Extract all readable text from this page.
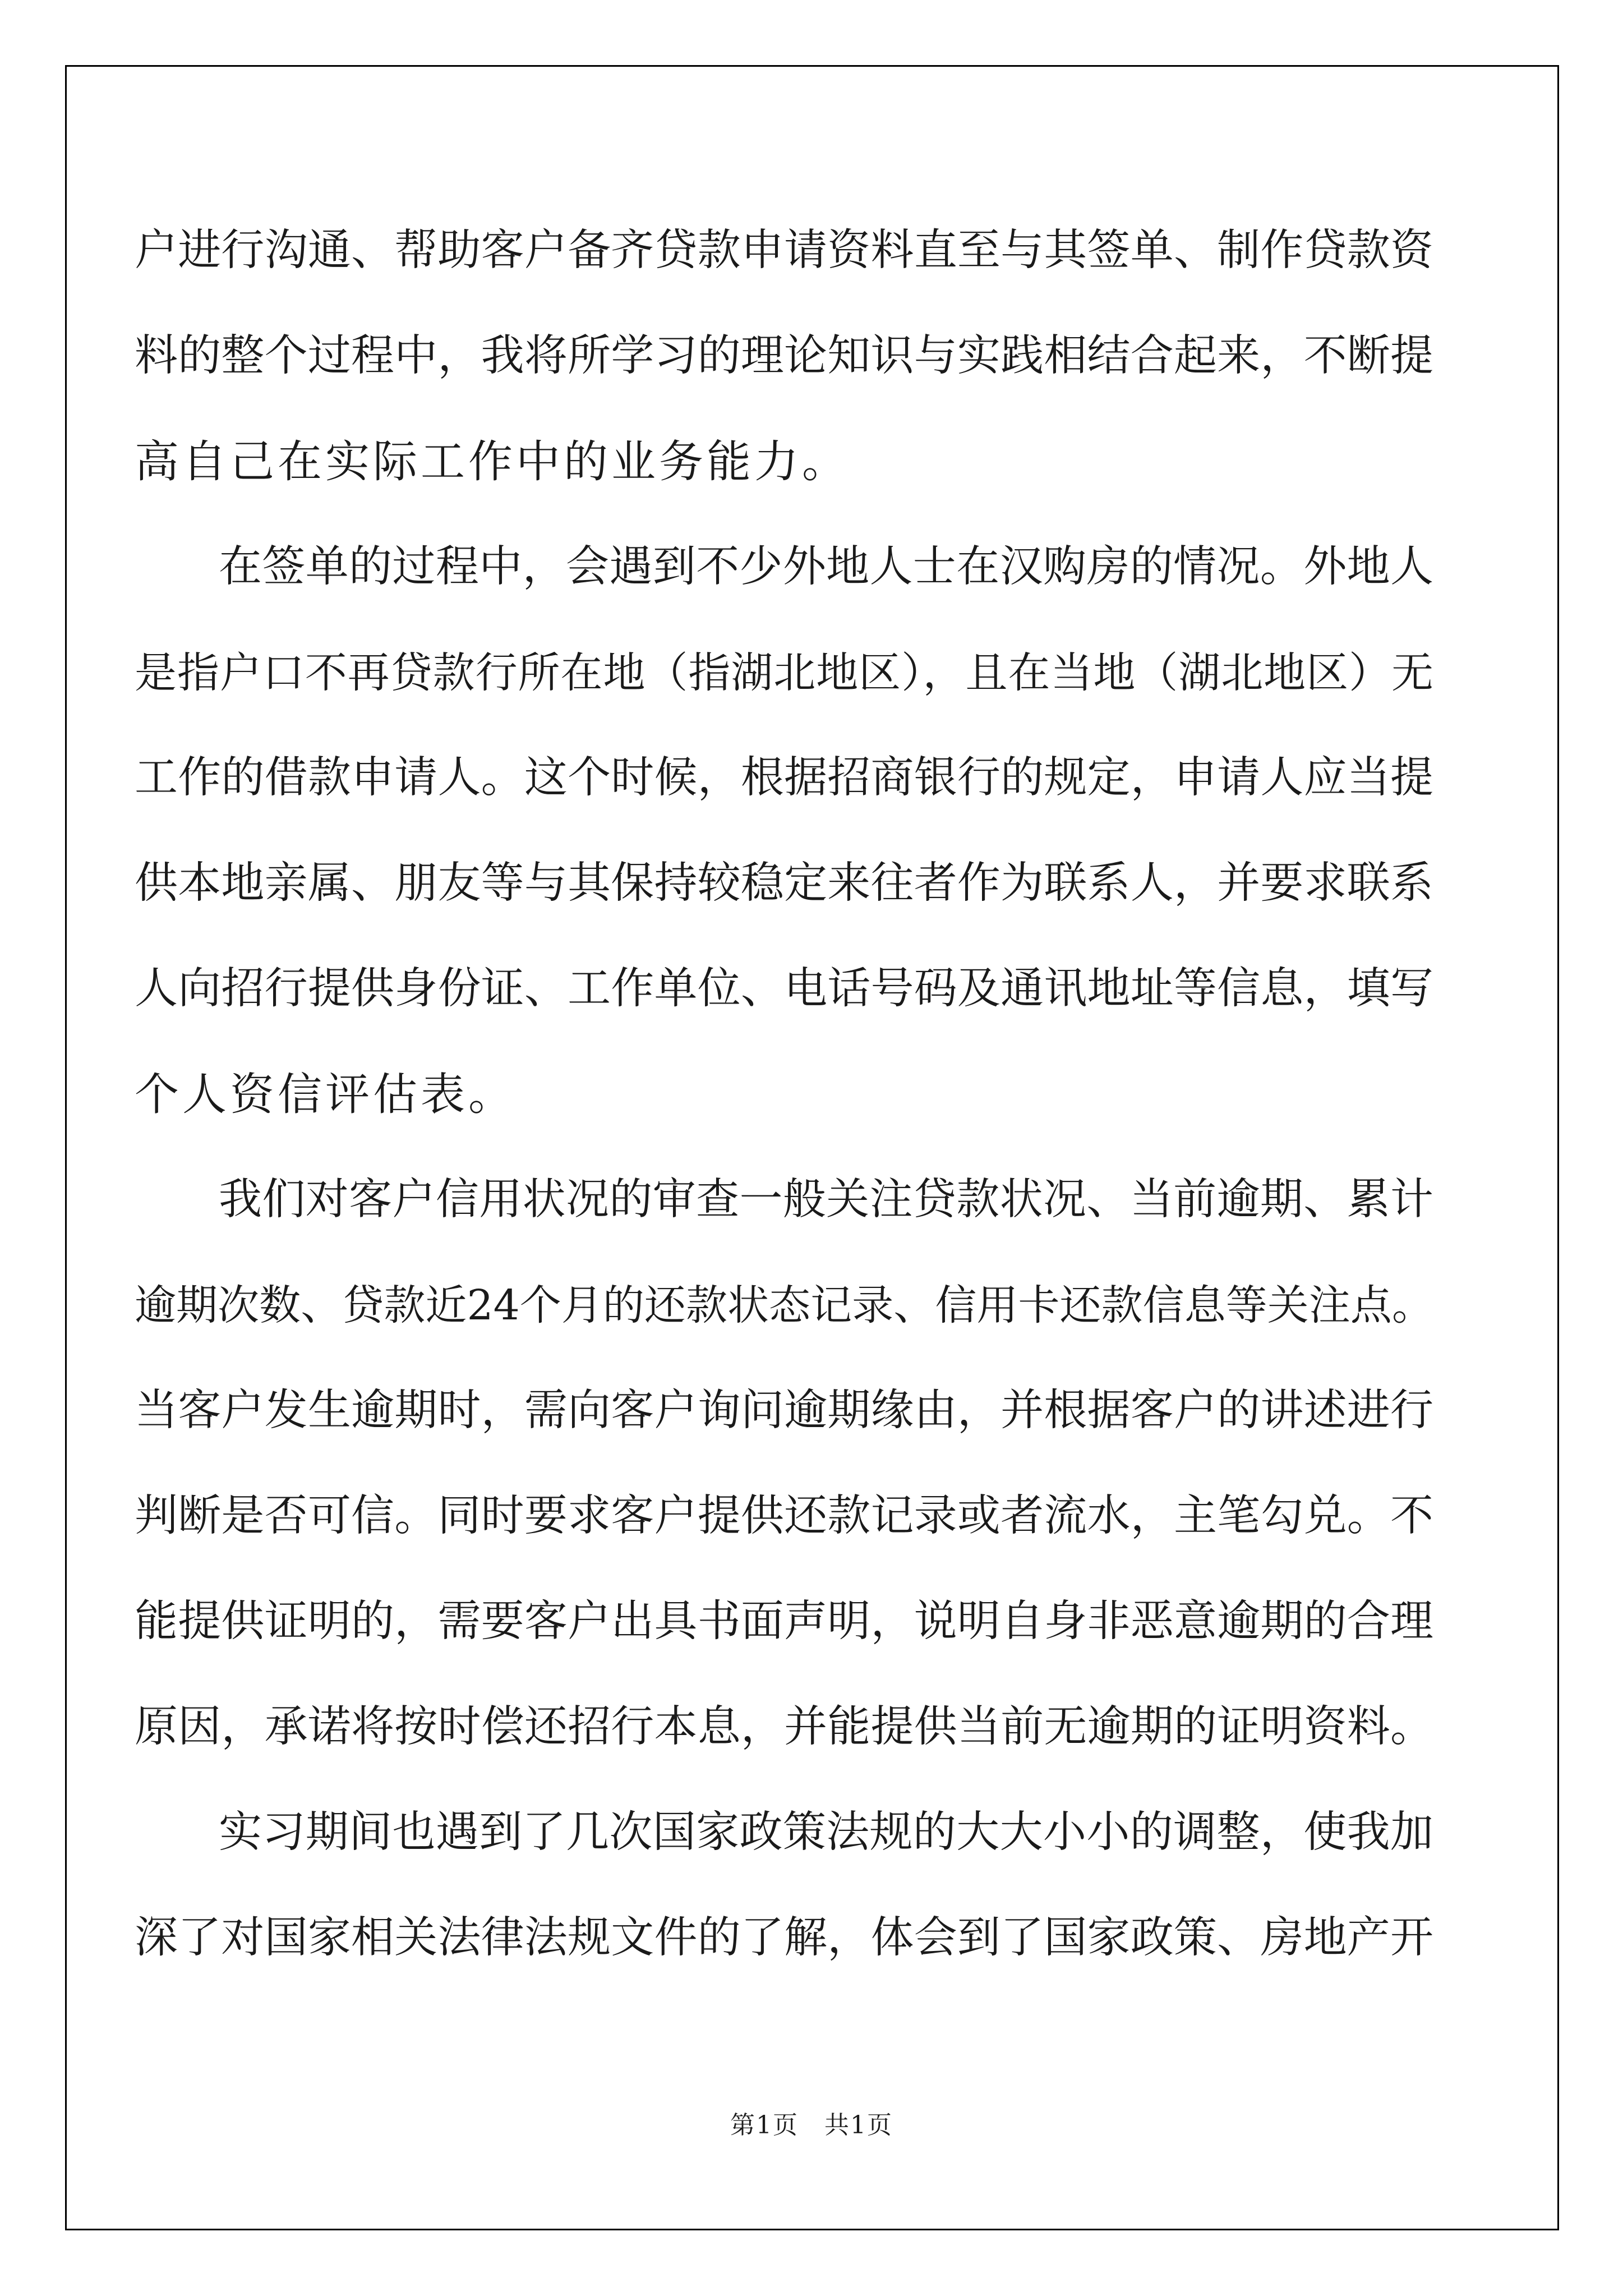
户进行沟通、帮助客户备齐贷款申请资料直至与其签单、制作贷款资
料的整个过程中，我将所学习的理论知识与实践相结合起来，不断提
高自己在实际工作中的业务能力。
在签单的过程中，会遇到不少外地人士在汉购房的情况。外地人
是指户口不再贷款行所在地（指湖北地区），且在当地（湖北地区）无
工作的借款申请人。这个时候，根据招商银行的规定，申请人应当提
供本地亲属、朋友等与其保持较稳定来往者作为联系人，并要求联系
人向招行提供身份证、工作单位、电话号码及通讯地址等信息，填写
个人资信评估表。
我们对客户信用状况的审查一般关注贷款状况、当前逾期、累计
逾期次数、贷款近24个月的还款状态记录、信用卡还款信息等关注点。
当客户发生逾期时，需向客户询问逾期缘由，并根据客户的讲述进行
判断是否可信。同时要求客户提供还款记录或者流水，主笔勾兑。不
能提供证明的，需要客户出具书面声明，说明自身非恶意逾期的合理
原因，承诺将按时偿还招行本息，并能提供当前无逾期的证明资料。
实习期间也遇到了几次国家政策法规的大大小小的调整，使我加
深了对国家相关法律法规文件的了解，体会到了国家政策、房地产开
第1页　共1页
